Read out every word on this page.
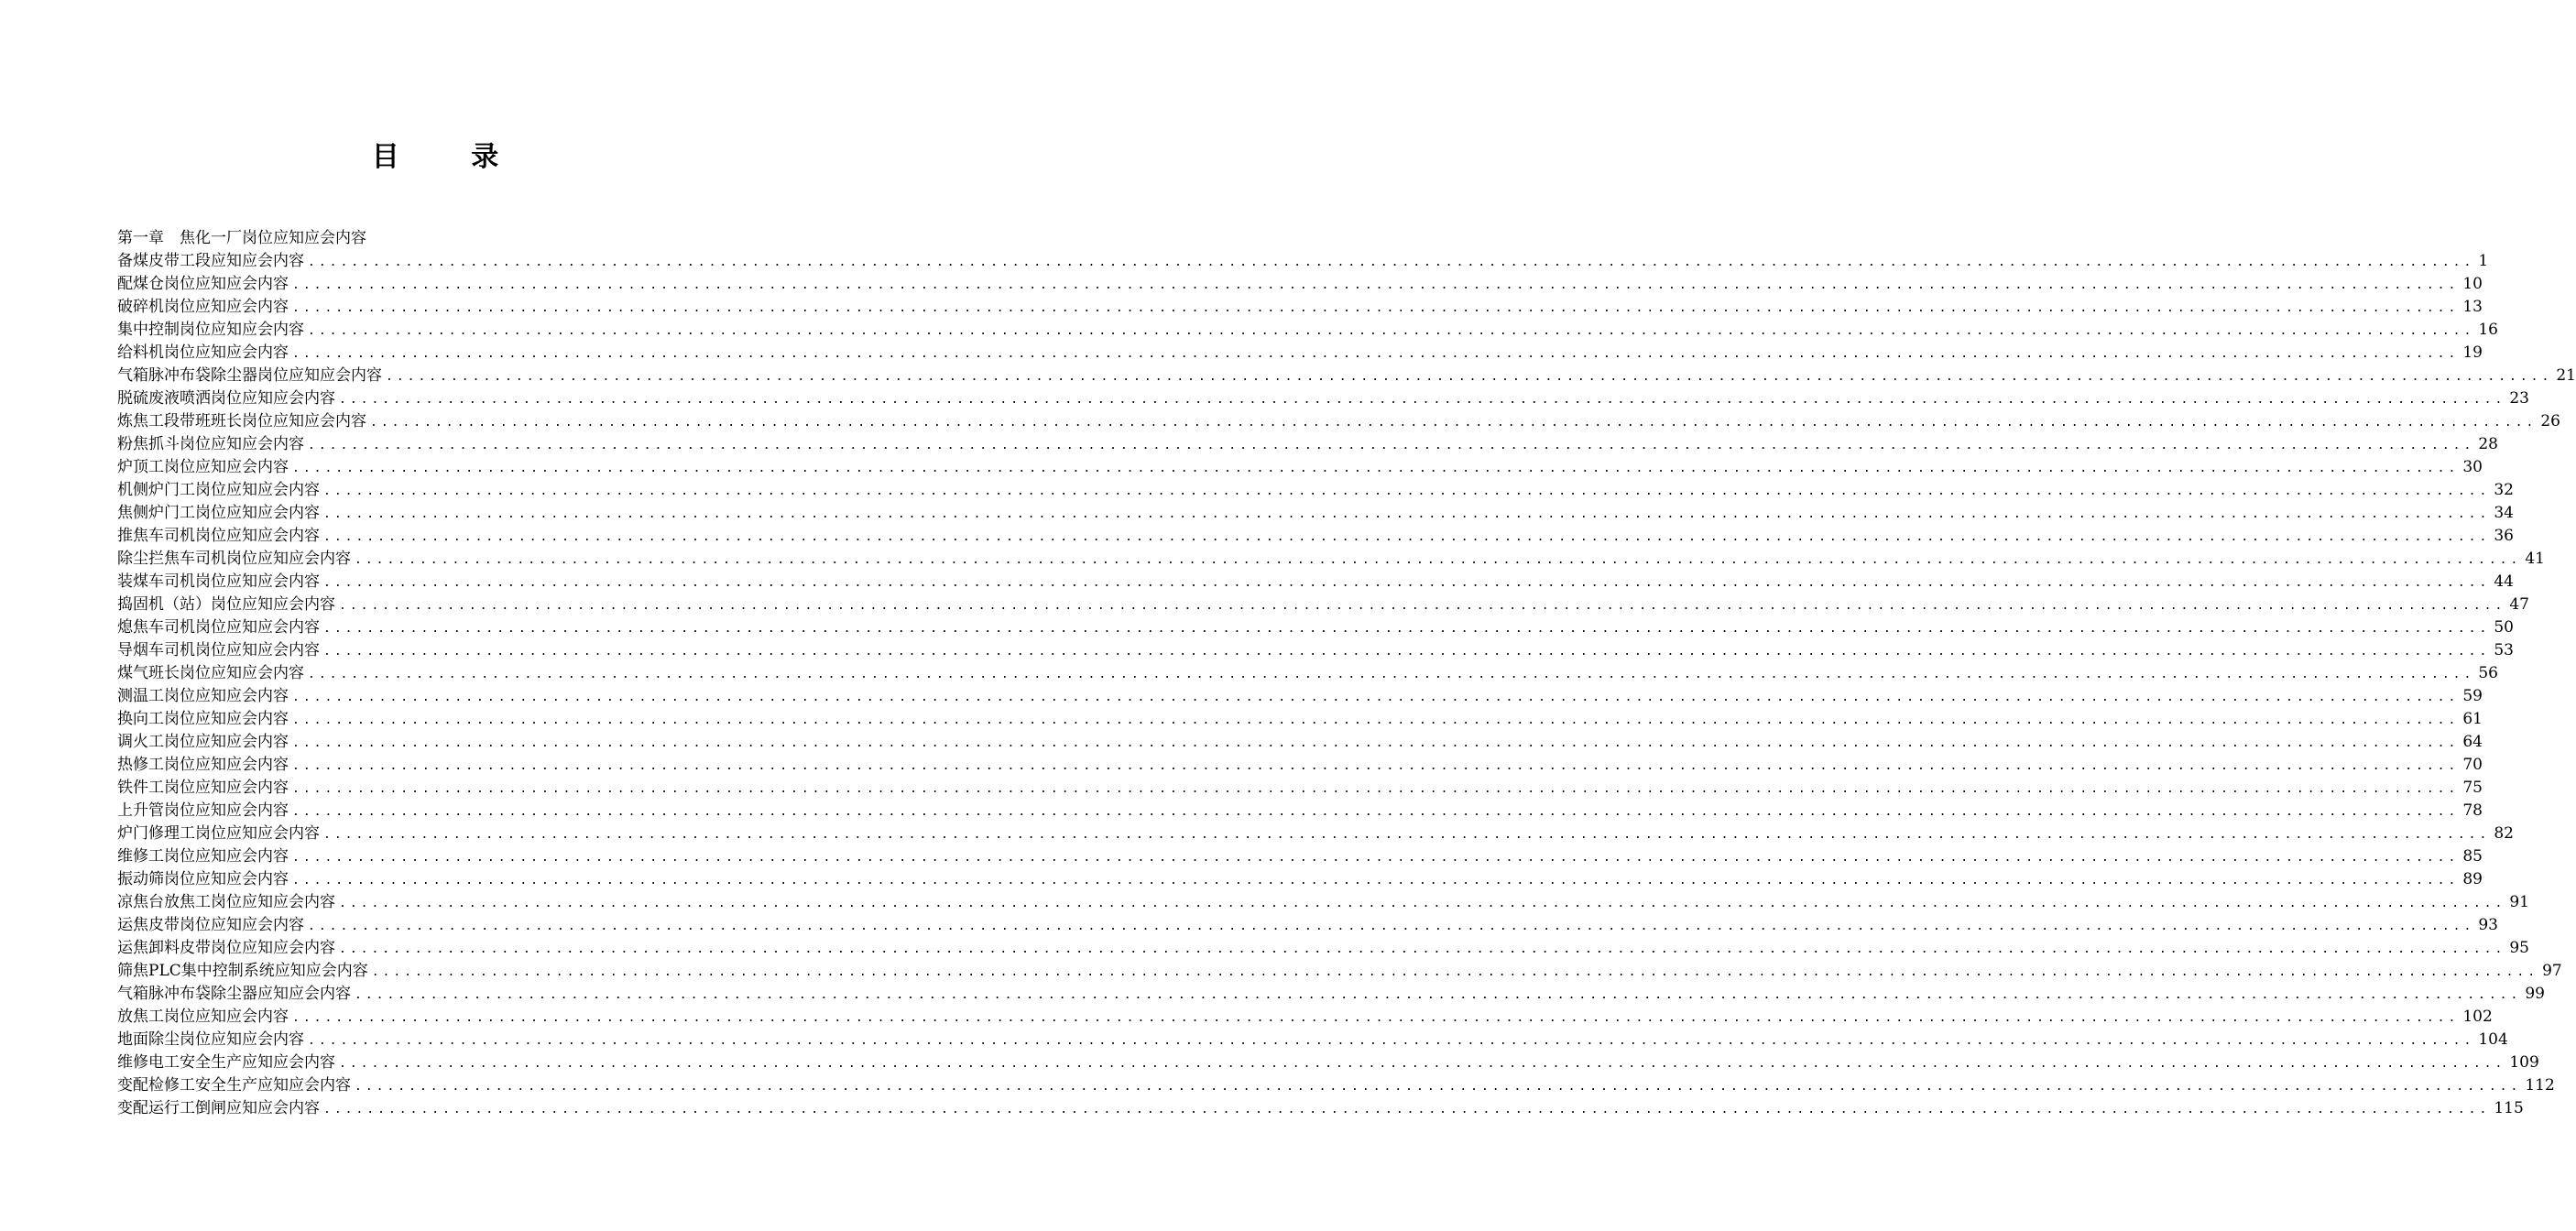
目 录
第一章　焦化一厂岗位应知应会内容
备煤皮带工段应知应会内容 ........................................................................................................................................................................................................ 1
配煤仓岗位应知应会内容 ........................................................................................................................................................................................................ 10
破碎机岗位应知应会内容 ........................................................................................................................................................................................................ 13
集中控制岗位应知应会内容 ........................................................................................................................................................................................................ 16
给料机岗位应知应会内容 ........................................................................................................................................................................................................ 19
气箱脉冲布袋除尘器岗位应知应会内容 ........................................................................................................................................................................................................ 21
脱硫废液喷洒岗位应知应会内容 ........................................................................................................................................................................................................ 23
炼焦工段带班班长岗位应知应会内容 ........................................................................................................................................................................................................ 26
粉焦抓斗岗位应知应会内容 ........................................................................................................................................................................................................ 28
炉顶工岗位应知应会内容 ........................................................................................................................................................................................................ 30
机侧炉门工岗位应知应会内容 ........................................................................................................................................................................................................ 32
焦侧炉门工岗位应知应会内容 ........................................................................................................................................................................................................ 34
推焦车司机岗位应知应会内容 ........................................................................................................................................................................................................ 36
除尘拦焦车司机岗位应知应会内容 ........................................................................................................................................................................................................ 41
装煤车司机岗位应知应会内容 ........................................................................................................................................................................................................ 44
捣固机（站）岗位应知应会内容 ........................................................................................................................................................................................................ 47
熄焦车司机岗位应知应会内容 ........................................................................................................................................................................................................ 50
导烟车司机岗位应知应会内容 ........................................................................................................................................................................................................ 53
煤气班长岗位应知应会内容 ........................................................................................................................................................................................................ 56
测温工岗位应知应会内容 ........................................................................................................................................................................................................ 59
换向工岗位应知应会内容 ........................................................................................................................................................................................................ 61
调火工岗位应知应会内容 ........................................................................................................................................................................................................ 64
热修工岗位应知应会内容 ........................................................................................................................................................................................................ 70
铁件工岗位应知应会内容 ........................................................................................................................................................................................................ 75
上升管岗位应知应会内容 ........................................................................................................................................................................................................ 78
炉门修理工岗位应知应会内容 ........................................................................................................................................................................................................ 82
维修工岗位应知应会内容 ........................................................................................................................................................................................................ 85
振动筛岗位应知应会内容 ........................................................................................................................................................................................................ 89
凉焦台放焦工岗位应知应会内容 ........................................................................................................................................................................................................ 91
运焦皮带岗位应知应会内容 ........................................................................................................................................................................................................ 93
运焦卸料皮带岗位应知应会内容 ........................................................................................................................................................................................................ 95
筛焦PLC集中控制系统应知应会内容 ........................................................................................................................................................................................................ 97
气箱脉冲布袋除尘器应知应会内容 ........................................................................................................................................................................................................ 99
放焦工岗位应知应会内容 ........................................................................................................................................................................................................ 102
地面除尘岗位应知应会内容 ........................................................................................................................................................................................................ 104
维修电工安全生产应知应会内容 ........................................................................................................................................................................................................ 109
变配检修工安全生产应知应会内容 ........................................................................................................................................................................................................ 112
变配运行工倒闸应知应会内容 ........................................................................................................................................................................................................ 115
